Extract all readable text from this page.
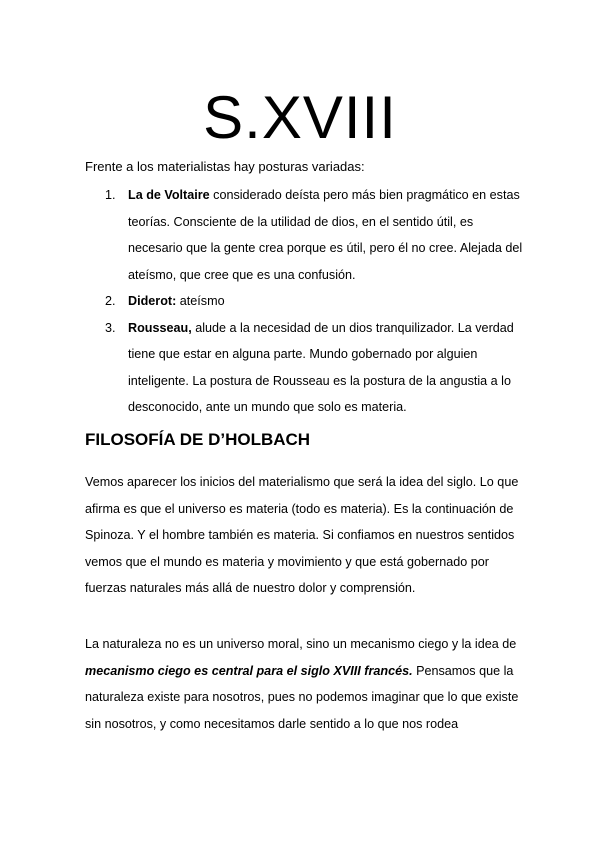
S.XVIII
Frente a los materialistas hay posturas variadas:
1. La de Voltaire considerado deísta pero más bien pragmático en estas teorías. Consciente de la utilidad de dios, en el sentido útil, es necesario que la gente crea porque es útil, pero él no cree. Alejada del ateísmo, que cree que es una confusión.
2. Diderot: ateísmo
3. Rousseau, alude a la necesidad de un dios tranquilizador. La verdad tiene que estar en alguna parte. Mundo gobernado por alguien inteligente. La postura de Rousseau es la postura de la angustia a lo desconocido, ante un mundo que solo es materia.
FILOSOFÍA DE D’HOLBACH

Vemos aparecer los inicios del materialismo que será la idea del siglo. Lo que afirma es que el universo es materia (todo es materia). Es la continuación de Spinoza. Y el hombre también es materia. Si confiamos en nuestros sentidos vemos que el mundo es materia y movimiento y que está gobernado por fuerzas naturales más allá de nuestro dolor y comprensión.

La naturaleza no es un universo moral, sino un mecanismo ciego y la idea de mecanismo ciego es central para el siglo XVIII francés. Pensamos que la naturaleza existe para nosotros, pues no podemos imaginar que lo que existe sin nosotros, y como necesitamos darle sentido a lo que nos rodea
